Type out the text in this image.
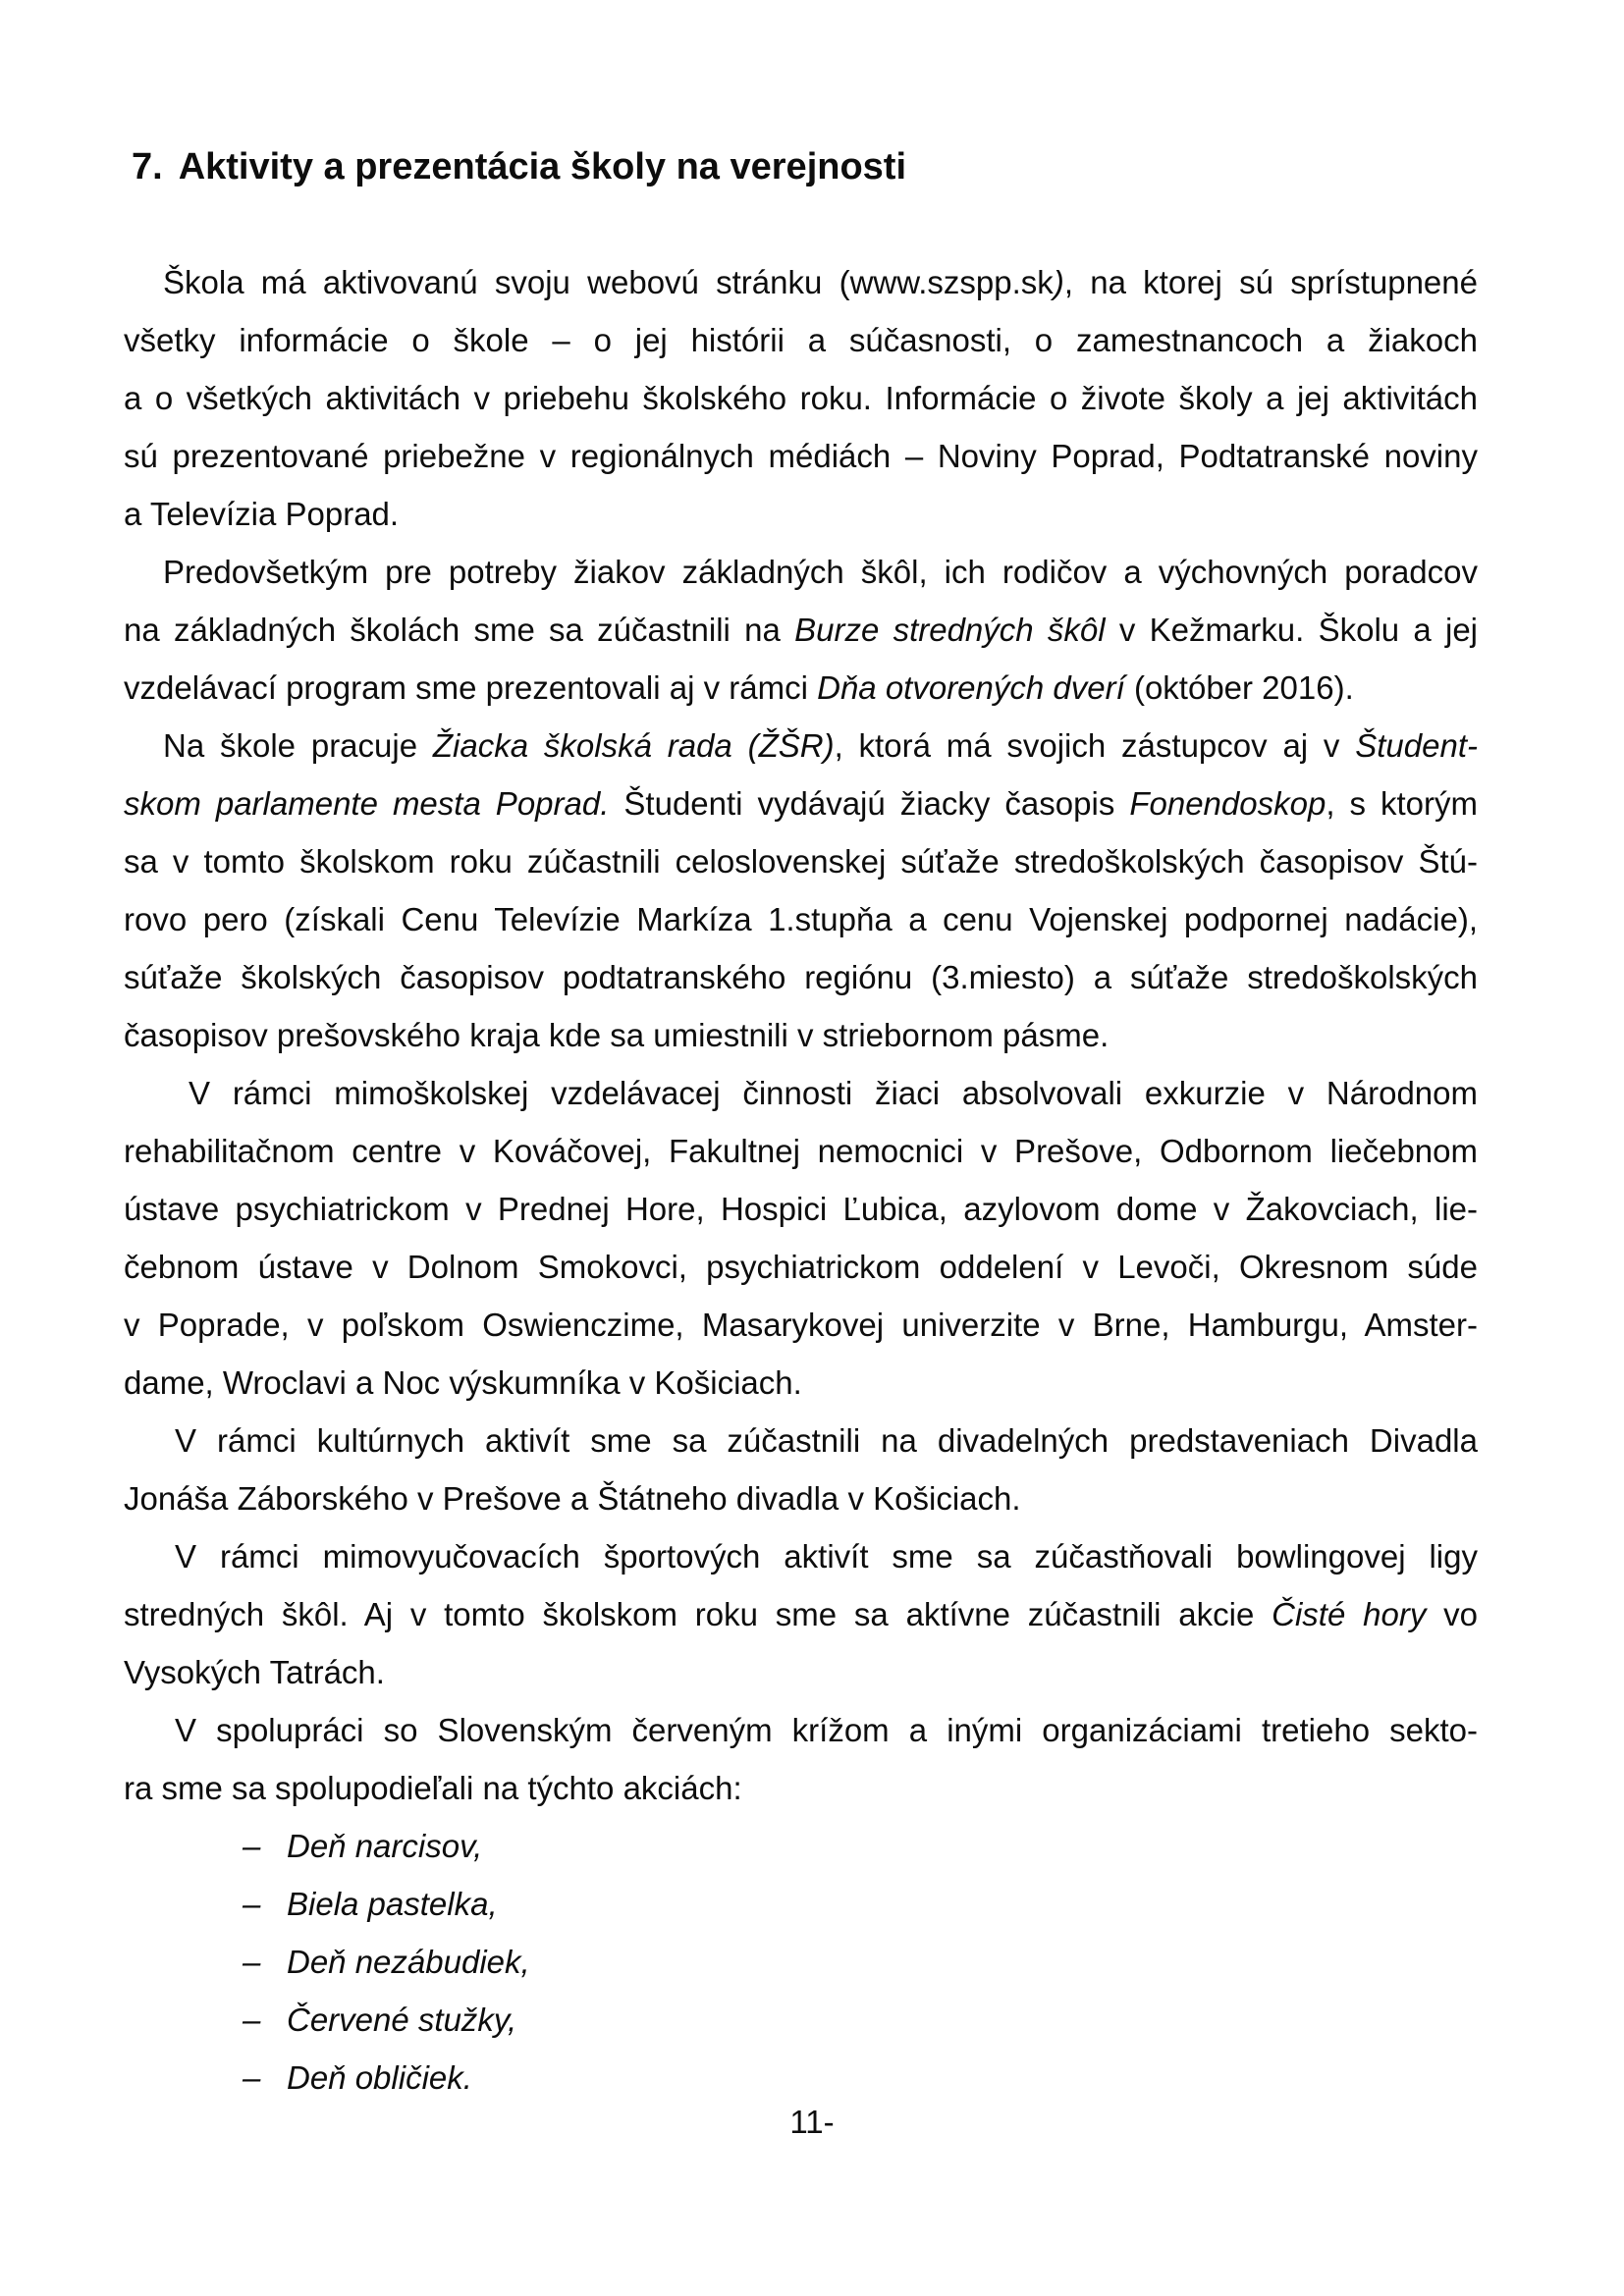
7. Aktivity a prezentácia školy na verejnosti
Škola má aktivovanú svoju webovú stránku (www.szspp.sk), na ktorej sú sprístupnené
všetky informácie o škole – o jej histórii a súčasnosti, o zamestnancoch a žiakoch
a o všetkých aktivitách v priebehu školského roku. Informácie o živote školy a jej aktivitách
sú prezentované priebežne v regionálnych médiách – Noviny Poprad, Podtatranské noviny
a Televízia Poprad.
Predovšetkým pre potreby žiakov základných škôl, ich rodičov a výchovných poradcov
na základných školách sme sa zúčastnili na Burze stredných škôl v Kežmarku. Školu a jej
vzdelávací program sme prezentovali aj v rámci Dňa otvorených dverí (október 2016).
Na škole pracuje Žiacka školská rada (ŽŠR), ktorá má svojich zástupcov aj v Študent-
skom parlamente mesta Poprad. Študenti vydávajú žiacky časopis Fonendoskop, s ktorým
sa v tomto školskom roku zúčastnili celoslovenskej súťaže stredoškolských časopisov Štú-
rovo pero (získali Cenu Televízie Markíza 1.stupňa a cenu Vojenskej podpornej nadácie),
súťaže školských časopisov podtatranského regiónu (3.miesto) a súťaže stredoškolských
časopisov prešovského kraja kde sa umiestnili v striebornom pásme.
V rámci mimoškolskej vzdelávacej činnosti žiaci absolvovali exkurzie v Národnom
rehabilitačnom centre v Kováčovej, Fakultnej nemocnici v Prešove, Odbornom liečebnom
ústave psychiatrickom v Prednej Hore, Hospici Ľubica, azylovom dome v Žakovciach, lie-
čebnom ústave v Dolnom Smokovci, psychiatrickom oddelení v Levoči, Okresnom súde
v Poprade, v poľskom Oswienczime, Masarykovej univerzite v Brne, Hamburgu, Amster-
dame, Wroclavi a Noc výskumníka v Košiciach.
V rámci kultúrnych aktivít sme sa zúčastnili na divadelných predstaveniach Divadla
Jonáša Záborského v Prešove a Štátneho divadla v Košiciach.
V rámci mimovyučovacích športových aktivít sme sa zúčastňovali bowlingovej ligy
stredných škôl. Aj v tomto školskom roku sme sa aktívne zúčastnili akcie Čisté hory vo
Vysokých Tatrách.
V spolupráci so Slovenským červeným krížom a inými organizáciami tretieho sekto-
ra sme sa spolupodieľali na týchto akciách:
– Deň narcisov,
– Biela pastelka,
– Deň nezábudiek,
– Červené stužky,
– Deň obličiek.
11-
